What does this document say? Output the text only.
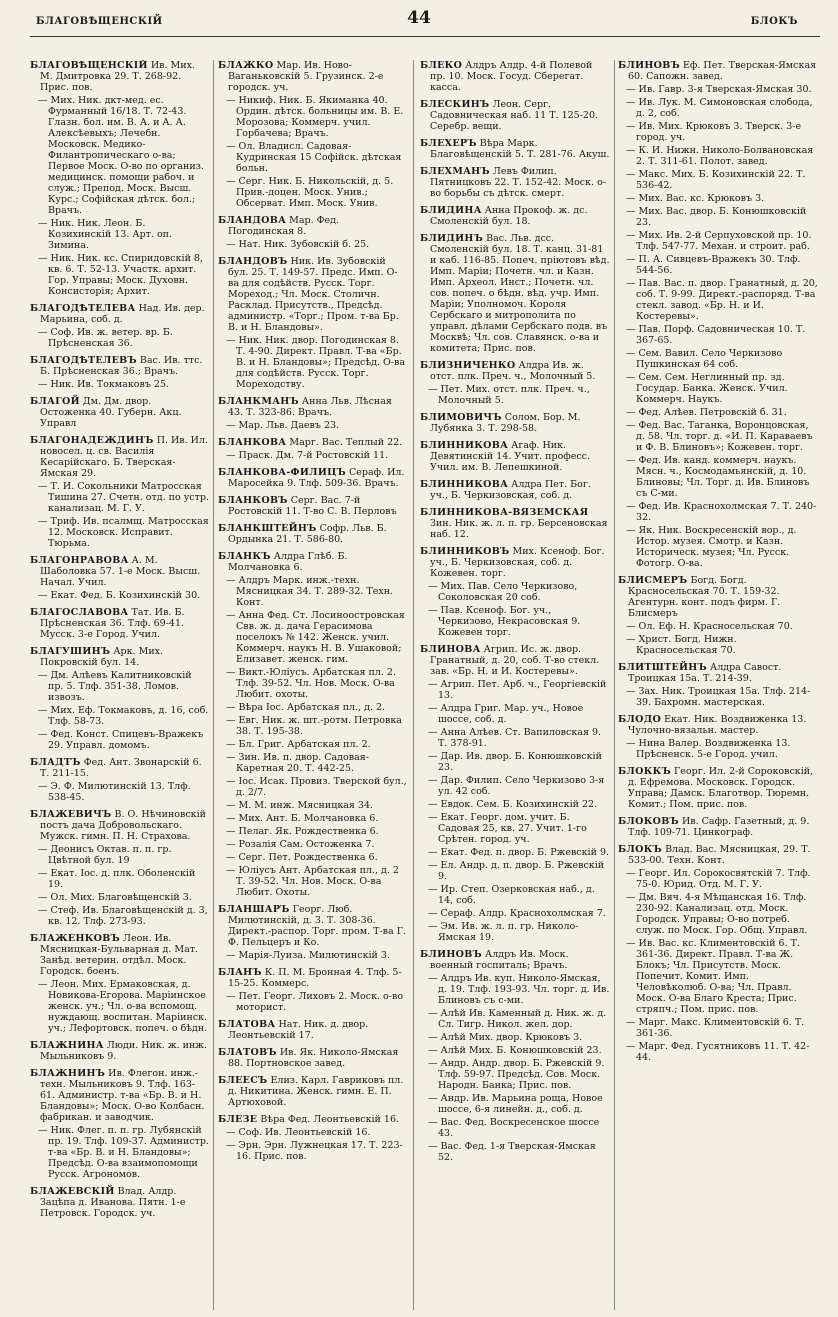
БЛАГОВѢЩЕНСКІЙ	44	БЛОКЪ
БЛАГОВѢЩЕНСКІЙ Ив. Мих. М. Дмитровка 29. Т. 268-92. Прис. пов.
— Мих. Ник. дкт-мед. ес. Фурманный 16/18. Т. 72-43. Глазн. бол. им. В. А. и А. А. Алексѣевыхъ; Лечебн. Московск. Медико-Филантропическаго о-ва; Первое Моск. О-во по организ. медицинск. помощи рабоч. и служ.; Препод. Моск. Высш. Курс.; Софійская дѣтск. бол.; Врачъ.
— Ник. Ник. Леон. Б. Козихинскій 13. Арт. оп. Зимина.
— Ник. Ник. кс. Спиридовскій 8, кв. 6. Т. 52-13. Участк. архит. Гор. Управы; Моск. Духовн. Консисторія; Архит.
БЛАГОДѢТЕЛЕВА Над. Ив. дер. Марьина, соб. д.
— Соф. Ив. ж. ветер. вр. Б. Прѣсненская 36.
БЛАГОДѢТЕЛЕВЪ Вас. Ив. ттс. Б. Прѣсненская 36.; Врачъ.
— Ник. Ив. Токмаковъ 25.
БЛАГОЙ Дм. Дм. двор. Остоженка 40. Губерн. Акц. Управл
БЛАГОНАДЕЖДИНЪ П. Ив. Ил. новосел. ц. св. Василія Кесарійскаго. Б. Тверская-Ямская 29.
— Т. И. Сокольники Матросская Тишина 27. Счетн. отд. по устр. канализац. М. Г. У.
— Триф. Ив. псалмщ. Матросская 12. Московск. Исправит. Тюрьма.
БЛАГОНРАВОВА А. М. Шаболовка 57. 1-е Моск. Высш. Начал. Учил.
— Екат. Фед. Б. Козихинскій 30.
БЛАГОСЛАВОВА Тат. Ив. Б. Прѣсненская 36. Тлф. 69-41. Мусск. 3-е Город. Учил.
БЛАГУШИНЪ Арк. Мих. Покровскій бул. 14.
— Дм. Алѣевъ Калитниковскій пр. 5. Тлф. 351-38. Ломов. извозъ.
— Мих. Еф. Токмаковъ, д. 16, соб. Тлф. 58-73.
— Фед. Конст. Спицевъ-Вражекъ 29. Управл. домомъ.
БЛАДТЪ Фед. Ант. Звонарскій 6. Т. 211-15.
— Э. Ф. Милютинскій 13. Тлф. 538-45.
БЛАЖЕВИЧЪ В. О. Нѣчиновскій постъ дача Добровольскаго. Мужск. гимн. П. Н. Страхова.
— Деонисъ Октав. п. п. гр. Цвѣтной бул. 19
— Екат. Іос. д. плк. Оболенскій 19.
— Ол. Мих. Благовѣщенскій 3.
— Стеф. Ив. Благовѣщенскій д. 3, кв. 12. Тлф. 273-93.
БЛАЖЕНКОВЪ Леон. Ив. Мясницкая-Бульварная д. Мат. Занѣд. ветерин. отдѣл. Моск. Городск. боенъ.
— Леон. Мих. Ермаковская, д. Новикова-Егорова. Маріинское женск. уч.; Чл. о-ва вспомощ. нуждающ. воспитан. Маріинск. уч.; Лефортовск. попеч. о бѣдн.
БЛАЖНИНА Люди. Ник. ж. инж. Мыльниковъ 9.
БЛАЖНИНЪ Ив. Флегон. инж.-техн. Мыльниковъ 9. Тлф. 163-61. Администр. т-ва «Бр. В. и Н. Бландовы»; Моск. О-во Колбасн. фабрикан. и заводчик.
— Ник. Флег. п. п. гр. Лубянскій пр. 19. Тлф. 109-37. Администр. т-ва «Бр. В. и Н. Бландовы»; Предсѣд. О-ва взаимопомощи Русск. Агрономов.
БЛАЖЕВСКІЙ Влад. Алдр. Зацѣпа д. Иванова. Пятн. 1-е Петровск. Городск. уч.
БЛАЖКО Мар. Ив. Ново-Ваганьковскій 5. Грузинск. 2-е городск. уч.
— Никиф. Ник. Б. Якиманка 40. Ордин. дѣтск. больницы им. В. Е. Морозова; Коммерч. учил. Горбачева; Врачъ.
— Ол. Владисл. Садовая-Кудринская 15 Софійск. дѣтская больн.
— Серг. Ник. Б. Никольскій, д. 5. Прив.-доцен. Моск. Унив.; Обсерват. Имп. Моск. Унив.
БЛАНДОВА Мар. Фед. Погодинская 8.
— Нат. Ник. Зубовскій б. 25.
БЛАНДОВЪ Ник. Ив. Зубовскій бул. 25. Т. 149-57. Предс. Имп. О-ва для содѣйств. Русск. Торг. Мореход.; Чл. Моск. Столичн. Расклад. Присутств., Предсѣд. администр. «Торг.; Пром. т-ва Бр. В. и Н. Бландовы».
— Ник. Ник. двор. Погодинская 8. Т. 4-90. Директ. Правл. Т-ва «Бр. В. и Н. Бландовы»; Предсѣд. О-ва для содѣйств. Русск. Торг. Мореходству.
БЛАНКМАНЪ Анна Льв. Лѣсная 43. Т. 323-86. Врачъ.
— Мар. Льв. Даевъ 23.
БЛАНКОВА Марг. Вас. Теплый 22.
— Праск. Дм. 7-й Ростовскій 11.
БЛАНКОВА-ФИЛИЦЪ Сераф. Ил. Маросейка 9. Тлф. 509-36. Врачъ.
БЛАНКОВЪ Серг. Вас. 7-й Ростовскій 11. Т-во С. В. Перловъ
БЛАНКШТЕЙНЪ Софр. Льв. Б. Ордынка 21. Т. 586-80.
БЛАНКЪ Алдра Глѣб. Б. Молчановка 6.
— Алдръ Марк. инж.-техн. Мясницкая 34. Т. 289-32. Техн. Конт.
— Анна Фед. Ст. Лосиноостровская Свв. ж. д. дача Герасимова поселокъ № 142. Женск. учил. Коммерч. наукъ Н. В. Ушаковой; Елизавет. женск. гим.
— Викт.-Юліусъ. Арбатская пл. 2. Тлф. 39-52. Чл. Нов. Моск. О-ва Любит. охоты.
— Вѣра Іос. Арбатская пл., д. 2.
— Евг. Ник. ж. шт.-ротм. Петровка 38. Т. 195-38.
— Бл. Григ. Арбатская пл. 2.
— Зин. Ив. п. двор. Садовая-Каретная 20. Т. 442-25.
— Іос. Исак. Провиз. Тверской бул., д. 2/7.
— М. М. инж. Мясницкая 34.
— Мих. Ант. Б. Молчановка 6.
— Пелаг. Як. Рождественка 6.
— Розалія Сам. Остоженка 7.
— Серг. Пет. Рождественка 6.
— Юліусъ Ант. Арбатская пл., д. 2 Т. 39-52. Чл. Нов. Моск. О-ва Любит. Охоты.
БЛАНШАРЪ Георг. Люб. Милютинскій, д. 3. Т. 308-36. Директ.-распор. Торг. пром. Т-ва Г. Ф. Пельцеръ и Ко.
— Марія-Луиза. Милютинскій 3.
БЛАНЪ К. П. М. Бронная 4. Тлф. 5-15-25. Коммерс.
— Пет. Георг. Лиховъ 2. Моск. о-во моторист.
БЛАТОВА Нат. Ник. д. двор. Леонтьевскій 17.
БЛАТОВЪ Ив. Як. Николо-Ямская 88. Портновское завед.
БЛЕЕСЪ Елиз. Карл. Гавриковъ пл. д. Никитина. Женск. гимн. Е. П. Артюховой.
БЛЕЗЕ Вѣра Фед. Леонтьевскій 16.
— Соф. Ив. Леонтьевскій 16.
— Эрн. Эрн. Лужнецкая 17. Т. 223-16. Прис. пов.
БЛЕКО Алдръ Алдр. 4-й Полевой пр. 10. Моск. Госуд. Сберегат. касса.
БЛЕСКИНЪ Леон. Серг. Садовническая наб. 11 Т. 125-20. Серебр. вещи.
БЛЕХЕРЪ Вѣра Марк. Благовѣщенскій 5. Т. 281-76. Акуш.
БЛЕХМАНЪ Левъ Филип. Пятницковъ 22. Т. 152-42. Моск. о-во борьбы съ дѣтск. смерт.
БЛИДИНА Анна Прокоф. ж. дс. Смоленскій бул. 18.
БЛИДИНЪ Вас. Льв. дсс. Смоленскій бул. 18. Т. канц. 31-81 и каб. 116-85. Попеч. пріютовъ вѣд. Имп. Маріи; Почетн. чл. и Казн. Имп. Археол. Инст.; Почетн. чл. сов. попеч. о бѣдн. вѣд. учр. Имп. Маріи; Уполномоч. Короля Сербскаго и митрополита по управл. дѣлами Сербскаго подв. въ Москвѣ; Чл. сов. Славянск. о-ва и комитета; Прис. пов.
БЛИЗНИЧЕНКО Алдра Ив. ж. отст. плк. Преч. ч., Молочный 5.
— Пет. Мих. отст. плк. Преч. ч., Молочный 5.
БЛИМОВИЧЪ Солом. Бор. М. Лубянка 3. Т. 298-58.
БЛИННИКОВА Агаф. Ник. Девятинскій 14. Учит. професс. Учил. им. В. Лепешкиной.
БЛИННИКОВА Алдра Пет. Бог. уч., Б. Черкизовская, соб. д.
БЛИННИКОВА-ВЯЗЕМСКАЯ Зин. Ник. ж. л. п. гр. Берсеновская наб. 12.
БЛИННИКОВЪ Мих. Ксеноф. Бог. уч., Б. Черкизовская, соб. д. Кожевен. торг.
— Мих. Пав. Село Черкизово, Соколовская 20 соб.
— Пав. Ксеноф. Бог. уч., Черкизово, Некрасовская 9. Кожевен торг.
БЛИНОВА Агрип. Ис. ж. двор. Гранатный, д. 20, соб. Т-во стекл. зав. «Бр. Н. и И. Костеревы».
— Агрип. Пет. Арб. ч., Георгіевскій 13.
— Алдра Григ. Мар. уч., Новое шоссе, соб. д.
— Анна Алѣев. Ст. Вапиловская 9. Т. 378-91.
— Дар. Ив. двор. Б. Конюшковскій 23.
— Дар. Филип. Село Черкизово 3-я ул. 42 соб.
— Евдок. Сем. Б. Козихинскій 22.
— Екат. Георг. дом. учит. Б. Садовая 25, кв. 27. Учит. 1-го Срѣтен. город. уч.
— Екат. Фед. п. двор. Б. Ржевскій 9.
— Ел. Андр. д. п. двор. Б. Ржевскій 9.
— Ир. Степ. Озерковская наб., д. 14, соб.
— Сераф. Алдр. Краснохолмская 7.
— Эм. Ив. ж. л. п. гр. Николо-Ямская 19.
БЛИНОВЪ Алдръ Ив. Моск. военный госпиталь; Врачъ.
— Алдръ Ив. куп. Николо-Ямская, д. 19. Тлф. 193-93. Чл. торг. д. Ив. Блиновъ съ с-ми.
— Алѣй Ив. Каменный д. Ник. ж. д. Сл. Тигр. Никол. жел. дор.
— Алѣй Мих. двор. Крюковъ 3.
— Алѣй Мих. Б. Конюшковскій 23.
— Андр. Андр. двор. Б. Ржевскій 9. Тлф. 59-97. Предсѣд. Сов. Моск. Народн. Банка; Прис. пов.
— Андр. Ив. Марьина роща, Новое шоссе, 6-я линейн. д., соб. д.
— Вас. Фед. Воскресенское шоссе 43.
— Вас. Фед. 1-я Тверская-Ямская 52.
БЛИНОВЪ Еф. Пет. Тверская-Ямская 60. Сапожн. завед.
— Ив. Гавр. 3-я Тверская-Ямская 30.
— Ив. Лук. М. Симоновская слобода, д. 2, соб.
— Ив. Мих. Крюковъ 3. Тверск. 3-е город. уч.
— К. И. Нижн. Николо-Болвановская 2. Т. 311-61. Полот. завед.
— Макс. Мих. Б. Козихинскій 22. Т. 536-42.
— Мих. Вас. кс. Крюковъ 3.
— Мих. Вас. двор. Б. Конюшковскій 23.
— Мих. Ив. 2-й Серпуховской пр. 10. Тлф. 547-77. Механ. и строит. раб.
— П. А. Сивцевъ-Вражекъ 30. Тлф. 544-56.
— Пав. Вас. п. двор. Гранатный, д. 20, соб. Т. 9-99. Директ.-распоряд. Т-ва стекл. завод. «Бр. Н. и И. Костеревы».
— Пав. Порф. Садовническая 10. Т. 367-65.
— Сем. Вавил. Село Черкизово Пушкинская 64 соб.
— Сем. Сем. Неглинный пр. зд. Государ. Банка. Женск. Учил. Коммерч. Наукъ.
— Фед. Алѣев. Петровскій б. 31.
— Фед. Вас. Таганка, Воронцовская, д. 58. Чл. торг. д. «И. П. Караваевъ и Ф. В. Блиновъ»; Кожевен. торг.
— Фед. Ив. канд. коммерч. наукъ. Мясн. ч., Космодамьянскій, д. 10. Блиновы; Чл. Торг. д. Ив. Блиновъ съ С-ми.
— Фед. Ив. Краснохолмская 7. Т. 240-32.
— Як. Ник. Воскресенскій вор., д. Истор. музея. Смотр. и Казн. Историческ. музея; Чл. Русск. Фотогр. О-ва.
БЛИСМЕРЪ Богд. Богд. Красносельская 70. Т. 159-32. Агентурн. конт. подъ фирм. Г. Блисмеръ
— Ол. Еф. Н. Красносельская 70.
— Христ. Богд. Нижн. Красносельская 70.
БЛИТШТЕЙНЪ Алдра Савост. Троицкая 15а. Т. 214-39.
— Зах. Ник. Троицкая 15а. Тлф. 214-39. Бахромн. мастерская.
БЛОДО Екат. Ник. Воздвиженка 13. Чулочно-вязальн. мастер.
— Нина Валер. Воздвиженка 13. Прѣсненск. 5-е Город. учил.
БЛОККЪ Георг. Ил. 2-й Сороковскій, д. Ефремова. Московск. Городск. Управа; Дамск. Благотвор. Тюремн. Комит.; Пом. прис. пов.
БЛОКОВЪ Ив. Сафр. Газетный, д. 9. Тлф. 109-71. Цинкограф.
БЛОКЪ Влад. Вас. Мясницкая, 29. Т. 533-00. Техн. Конт.
— Георг. Ил. Сорокосвятскій 7. Тлф. 75-0. Юрид. Отд. М. Г. У.
— Дм. Вяч. 4-я Мѣщанская 16. Тлф. 230-92. Канализац. отд. Моск. Городск. Управы; О-во потреб. служ. по Моск. Гор. Общ. Управл.
— Ив. Вас. кс. Климентовскій 6. Т. 361-36. Директ. Правл. Т-ва Ж. Блокъ; Чл. Присутств. Моск. Попечит. Комит. Имп. Человѣколюб. О-ва; Чл. Правл. Моск. О-ва Благо Креста; Прис. стряпч.; Пом. прис. пов.
— Марг. Макс. Климентовскій 6. Т. 361-36.
— Марг. Фед. Гусятниковъ 11. Т. 42-44.
